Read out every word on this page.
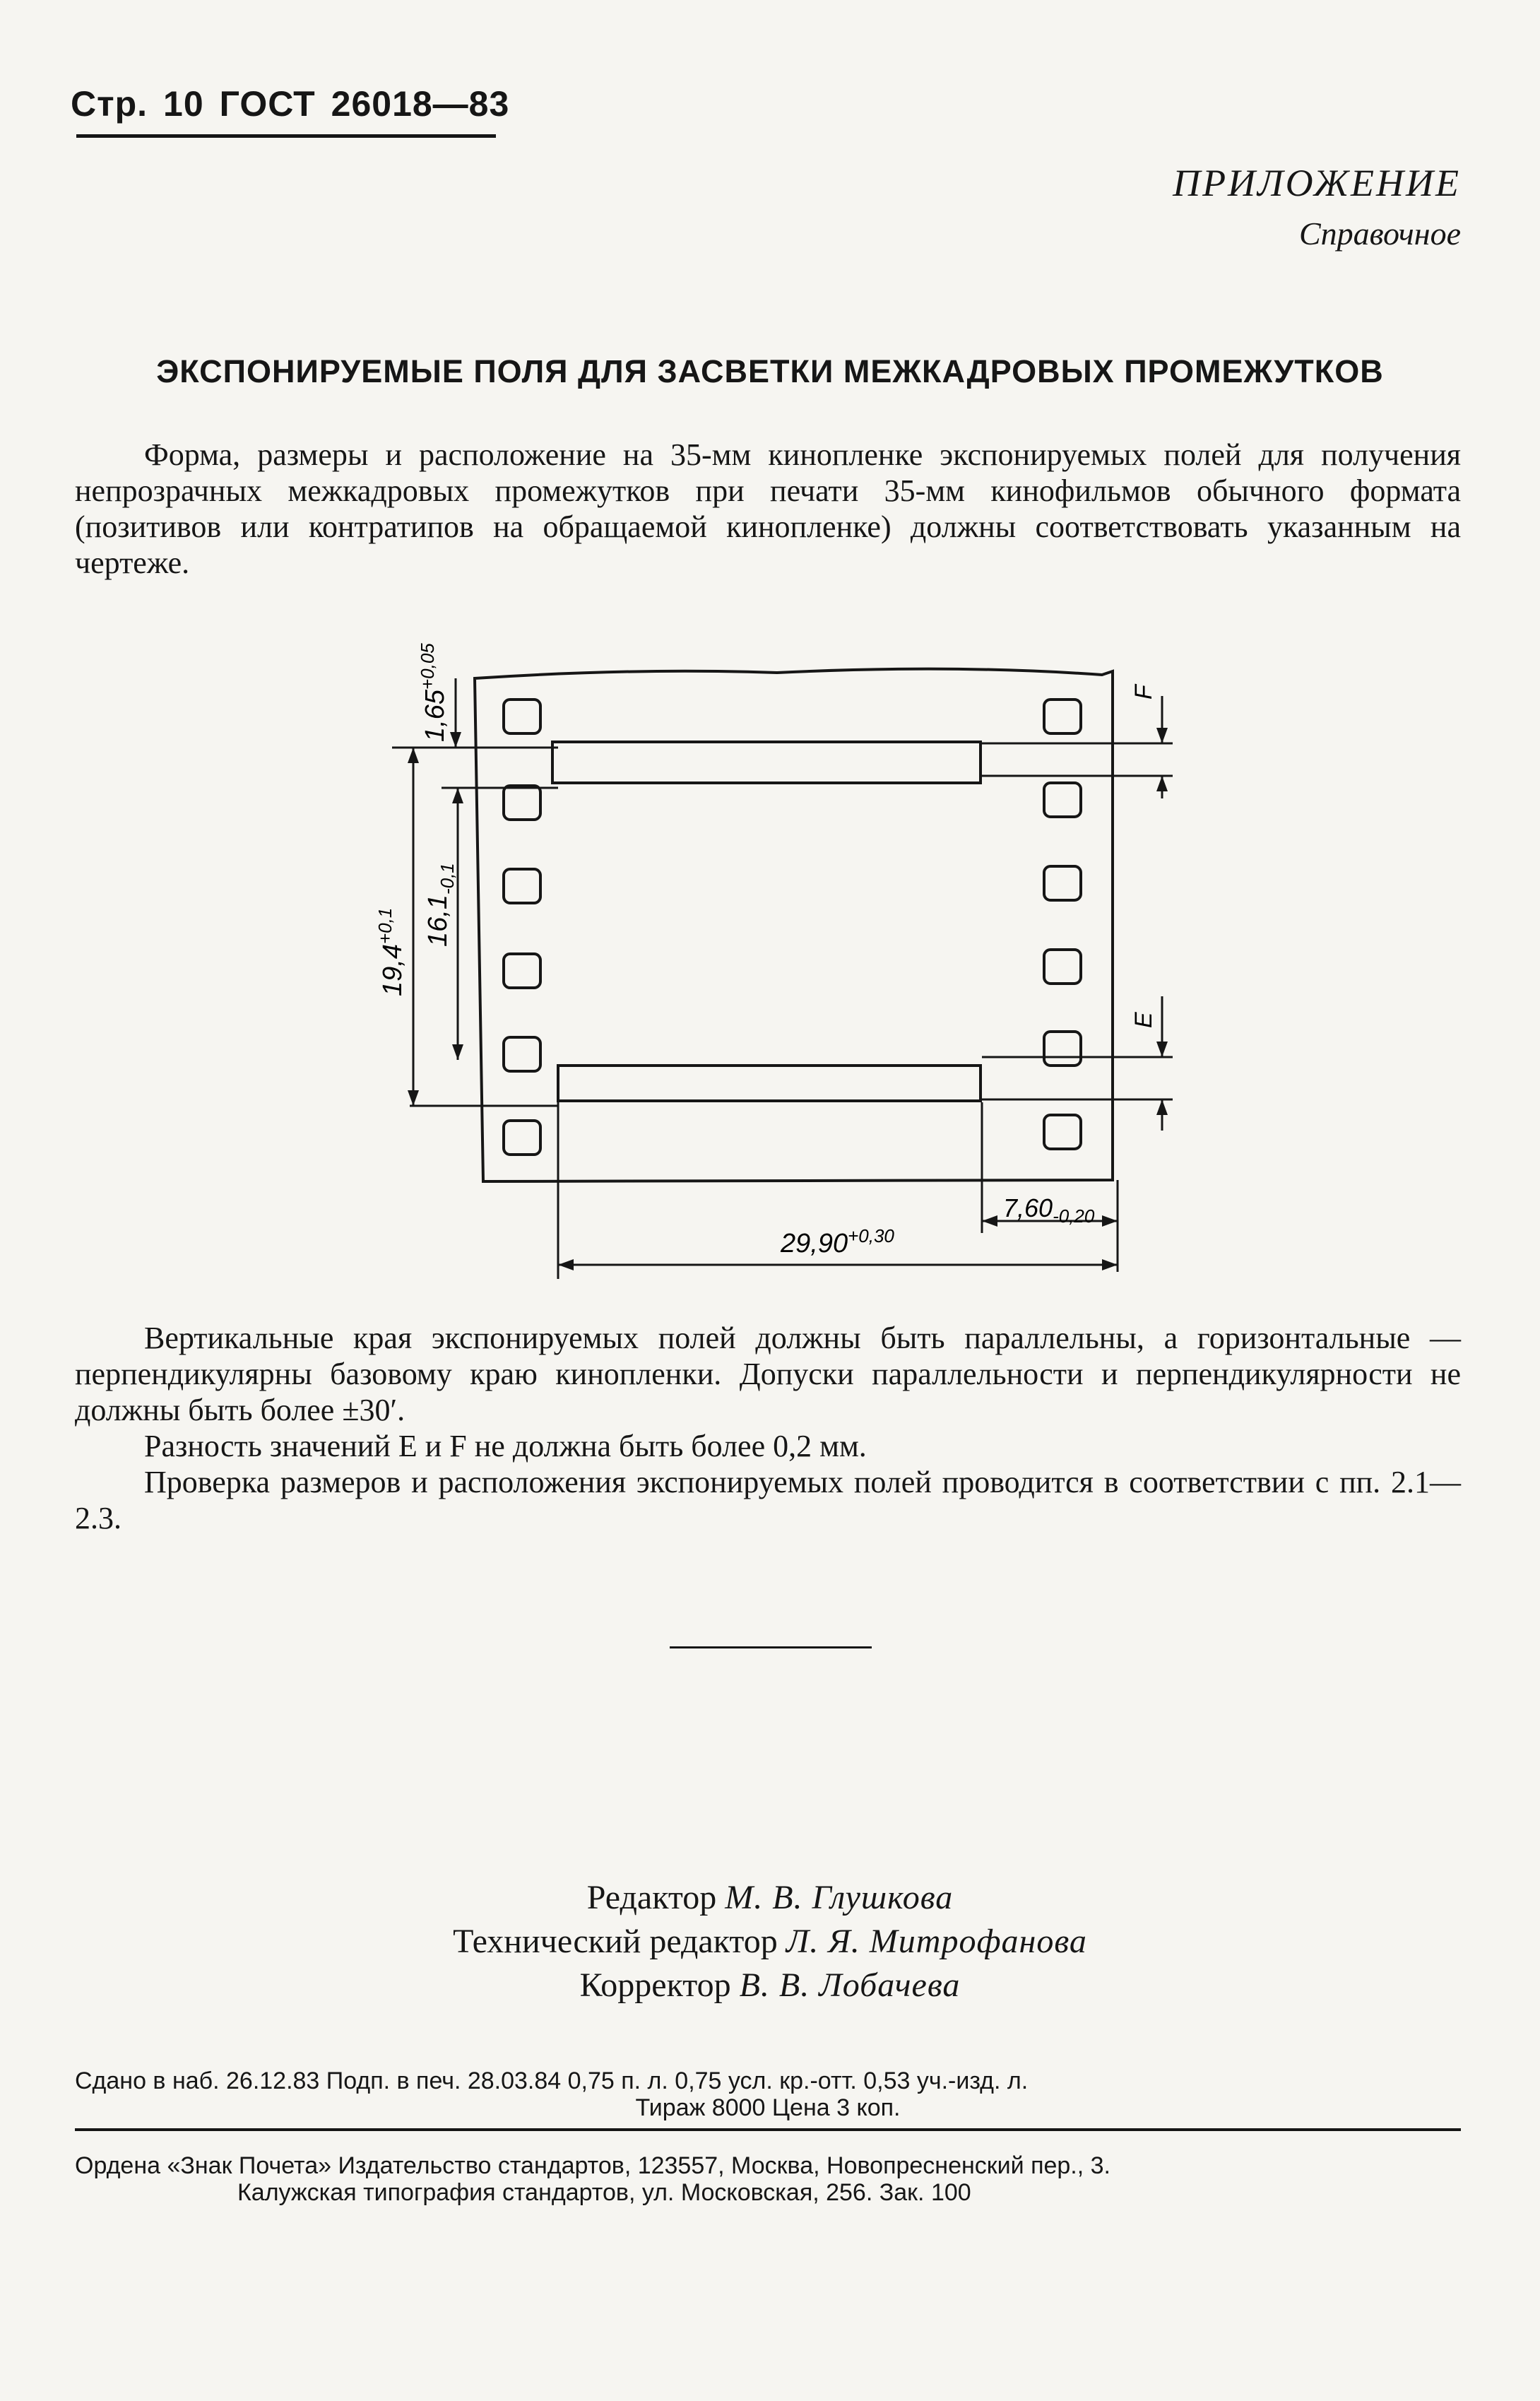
Стр. 10 ГОСТ 26018—83
ПРИЛОЖЕНИЕ
Справочное
ЭКСПОНИРУЕМЫЕ ПОЛЯ ДЛЯ ЗАСВЕТКИ МЕЖКАДРОВЫХ ПРОМЕЖУТКОВ

Форма, размеры и расположение на 35-мм кинопленке экспонируемых полей для получения непрозрачных межкадровых промежутков при печати 35-мм кинофильмов обычного формата (позитивов или контратипов на обращаемой кинопленке) должны соответствовать указанным на чертеже.

$1,65^{+0,05}$
$19,4^{+0,1}$	$16,1_{-0,1}$
$29,90^{+0,30}$
$7,60_{-0,20}$
F
E

Вертикальные края экспонируемых полей должны быть параллельны, а горизонтальные — перпендикулярны базовому краю кинопленки. Допуски параллельности и перпендикулярности не должны быть более ±30′.

Разность значений E и F не должна быть более 0,2 мм.

Проверка размеров и расположения экспонируемых полей проводится в соответствии с пп. 2.1—2.3.

Редактор М. В. Глушкова
Технический редактор Л. Я. Митрофанова
Корректор В. В. Лобачева
Сдано в наб. 26.12.83 Подп. в печ. 28.03.84 0,75 п. л. 0,75 усл. кр.-отт. 0,53 уч.-изд. л.
Тираж 8000 Цена 3 коп.
Ордена «Знак Почета» Издательство стандартов, 123557, Москва, Новопресненский пер., 3.
Калужская типография стандартов, ул. Московская, 256. Зак. 100
